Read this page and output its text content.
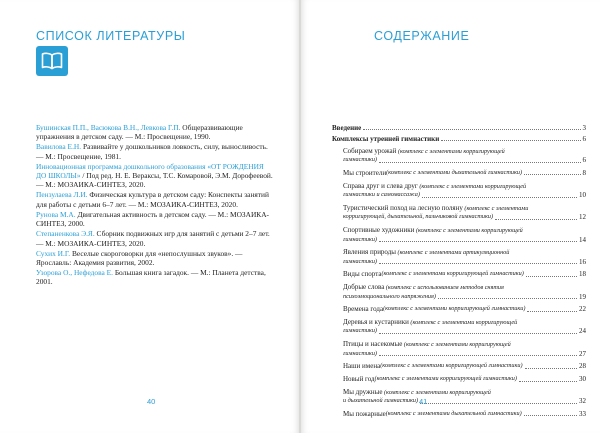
СПИСОК ЛИТЕРАТУРЫ

Бушинская П.П., Васюкова В.Н., Левкова Г.П. Общеразвивающие упражнения в детском саду. — М.: Просвещение, 1990.

Вавилова Е.Н. Развивайте у дошкольников ловкость, силу, выносливость. — М.: Просвещение, 1981.

Инновационная программа дошкольного образования «ОТ РОЖДЕНИЯ ДО ШКОЛЫ» / Под ред. Н. Е. Вераксы, Т.С. Комаровой, Э.М. Дорофеевой. — М.: МОЗАИКА-СИНТЕЗ, 2020.

Пензулаева Л.И. Физическая культура в детском саду: Конспекты занятий для работы с детьми 6–7 лет. — М.: МОЗАИКА-СИНТЕЗ, 2020.

Рунова М.А. Двигательная активность в детском саду. — М.: МОЗАИКА-СИНТЕЗ, 2000.

Степаненкова Э.Я. Сборник подвижных игр для занятий с детьми 2–7 лет. — М.: МОЗАИКА-СИНТЕЗ, 2020.

Сухих И.Г. Веселые скороговорки для «непослушных звуков». — Ярославль: Академия развития, 2002.

Узорова О., Нефедова Е. Большая книга загадок. — М.: Планета детства, 2001.

40
СОДЕРЖАНИЕ
Введение	3
Комплексы утренней гимнастики	6
Собираем урожай (комплекс с элементами корригирующей
гимнастики)	6
Мы строители (комплекс с элементами дыхательной гимнастики)	8
Справа друг и слева друг (комплекс с элементами корригирующей
гимнастики и самомассажа)	10
Туристический поход на лесную поляну (комплекс с элементами
корригирующей, дыхательной, пальчиковой гимнастики)	12
Спортивные художники (комплекс с элементами корригирующей
гимнастики)	14
Явления природы (комплекс с элементами артикуляционной
гимнастики)	16
Виды спорта (комплекс с элементами корригирующей гимнастики)	18
Добрые слова (комплекс с использованием методов снятия
психоэмоционального напряжения)	19
Времена года (комплекс с элементами корригирующей гимнастики)	22
Деревья и кустарники (комплекс с элементами корригирующей
гимнастики)	24
Птицы и насекомые (комплекс с элементами корригирующей
гимнастики)	27
Наши имена (комплекс с элементами корригирующей гимнастики)	28
Новый год (комплекс с элементами корригирующей гимнастики)	30
Мы дружные (комплекс с элементами корригирующей
и дыхательной гимнастики)	32
Мы пожарные (комплекс с элементами дыхательной гимнастики)	33
41
